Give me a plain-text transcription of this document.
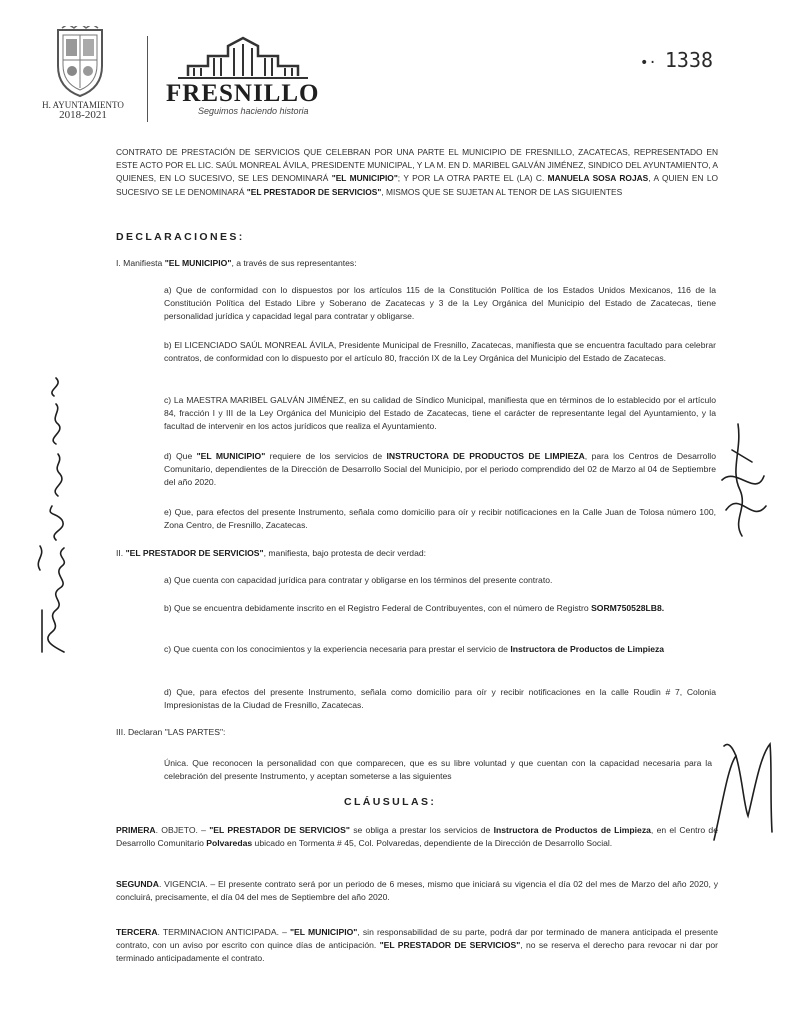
H. AYUNTAMIENTO
2018-2021
FRESNILLO
Seguimos haciendo historia
•· 1338
CONTRATO DE PRESTACIÓN DE SERVICIOS QUE CELEBRAN POR UNA PARTE EL MUNICIPIO DE FRESNILLO, ZACATECAS, REPRESENTADO EN ESTE ACTO POR EL LIC. SAÚL MONREAL ÁVILA, PRESIDENTE MUNICIPAL, Y LA M. EN D. MARIBEL GALVÁN JIMÉNEZ, SINDICO DEL AYUNTAMIENTO, A QUIENES, EN LO SUCESIVO, SE LES DENOMINARÁ "EL MUNICIPIO"; Y POR LA OTRA PARTE EL (LA) C. MANUELA SOSA ROJAS, A QUIEN EN LO SUCESIVO SE LE DENOMINARÁ "EL PRESTADOR DE SERVICIOS", MISMOS QUE SE SUJETAN AL TENOR DE LAS SIGUIENTES
DECLARACIONES:
I. Manifiesta "EL MUNICIPIO", a través de sus representantes:
a) Que de conformidad con lo dispuestos por los artículos 115 de la Constitución Política de los Estados Unidos Mexicanos, 116 de la Constitución Política del Estado Libre y Soberano de Zacatecas y 3 de la Ley Orgánica del Municipio del Estado de Zacatecas, tiene personalidad jurídica y capacidad legal para contratar y obligarse.
b) El LICENCIADO SAÚL MONREAL ÁVILA, Presidente Municipal de Fresnillo, Zacatecas, manifiesta que se encuentra facultado para celebrar contratos, de conformidad con lo dispuesto por el artículo 80, fracción IX de la Ley Orgánica del Municipio del Estado de Zacatecas.
c) La MAESTRA MARIBEL GALVÁN JIMÉNEZ, en su calidad de Síndico Municipal, manifiesta que en términos de lo establecido por el artículo 84, fracción I y III de la Ley Orgánica del Municipio del Estado de Zacatecas, tiene el carácter de representante legal del Ayuntamiento, y la facultad de intervenir en los actos jurídicos que realiza el Ayuntamiento.
d) Que "EL MUNICIPIO" requiere de los servicios de INSTRUCTORA DE PRODUCTOS DE LIMPIEZA, para los Centros de Desarrollo Comunitario, dependientes de la Dirección de Desarrollo Social del Municipio, por el periodo comprendido del 02 de Marzo al 04 de Septiembre del año 2020.
e) Que, para efectos del presente Instrumento, señala como domicilio para oír y recibir notificaciones en la Calle Juan de Tolosa número 100, Zona Centro, de Fresnillo, Zacatecas.
II. "EL PRESTADOR DE SERVICIOS", manifiesta, bajo protesta de decir verdad:
a) Que cuenta con capacidad jurídica para contratar y obligarse en los términos del presente contrato.
b) Que se encuentra debidamente inscrito en el Registro Federal de Contribuyentes, con el número de Registro SORM750528LB8.
c) Que cuenta con los conocimientos y la experiencia necesaria para prestar el servicio de Instructora de Productos de Limpieza
d) Que, para efectos del presente Instrumento, señala como domicilio para oír y recibir notificaciones en la calle Roudin # 7, Colonia Impresionistas de la Ciudad de Fresnillo, Zacatecas.
III. Declaran "LAS PARTES":
Única. Que reconocen la personalidad con que comparecen, que es su libre voluntad y que cuentan con la capacidad necesaria para la celebración del presente Instrumento, y aceptan someterse a las siguientes
CLÁUSULAS:
PRIMERA. OBJETO. – "EL PRESTADOR DE SERVICIOS" se obliga a prestar los servicios de Instructora de Productos de Limpieza, en el Centro de Desarrollo Comunitario Polvaredas ubicado en Tormenta # 45, Col. Polvaredas, dependiente de la Dirección de Desarrollo Social.
SEGUNDA. VIGENCIA. – El presente contrato será por un periodo de 6 meses, mismo que iniciará su vigencia el día 02 del mes de Marzo del año 2020, y concluirá, precisamente, el día 04 del mes de Septiembre del año 2020.
TERCERA. TERMINACION ANTICIPADA. – "EL MUNICIPIO", sin responsabilidad de su parte, podrá dar por terminado de manera anticipada el presente contrato, con un aviso por escrito con quince días de anticipación. "EL PRESTADOR DE SERVICIOS", no se reserva el derecho para revocar ni dar por terminado anticipadamente el contrato.
